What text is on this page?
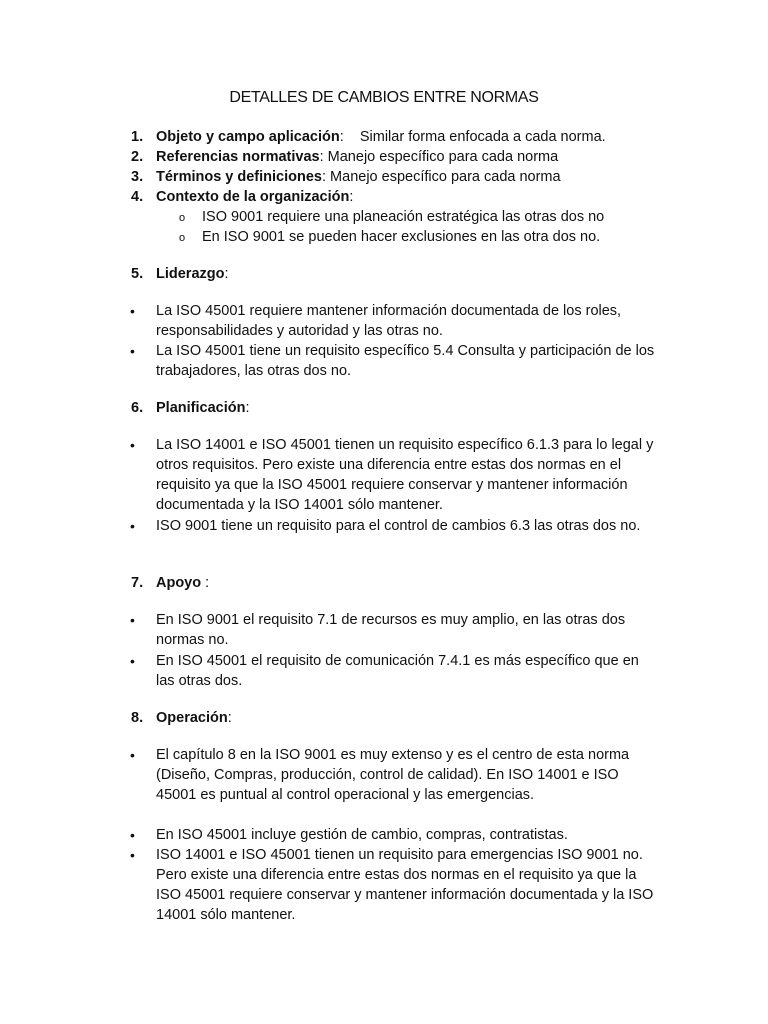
DETALLES DE CAMBIOS ENTRE NORMAS
1. Objeto y campo aplicación:    Similar forma enfocada a cada norma.
2. Referencias normativas: Manejo específico para cada norma
3. Términos y definiciones: Manejo específico para cada norma
4. Contexto de la organización:
o ISO 9001 requiere una planeación estratégica las otras dos no
o En ISO 9001 se pueden hacer exclusiones en las otra dos no.
5. Liderazgo:
• La ISO 45001 requiere mantener información documentada de los roles, responsabilidades y autoridad y las otras no.
• La ISO 45001 tiene un requisito específico 5.4 Consulta y participación de los trabajadores, las otras dos no.
6. Planificación:
• La ISO 14001 e ISO 45001 tienen un requisito específico 6.1.3 para lo legal y otros requisitos. Pero existe una diferencia entre estas dos normas en el requisito ya que la ISO 45001 requiere conservar y mantener información documentada y la ISO 14001 sólo mantener.
• ISO 9001 tiene un requisito para el control de cambios 6.3 las otras dos no.
7. Apoyo :
• En ISO 9001 el requisito 7.1 de recursos es muy amplio, en las otras dos normas no.
• En ISO 45001 el requisito de comunicación 7.4.1 es más específico que en las otras dos.
8. Operación:
• El capítulo 8 en la ISO 9001 es muy extenso y es el centro de esta norma (Diseño, Compras, producción, control de calidad). En ISO 14001 e ISO 45001 es puntual al control operacional y las emergencias.
• En ISO 45001 incluye gestión de cambio, compras, contratistas.
• ISO 14001 e ISO 45001 tienen un requisito para emergencias ISO 9001 no. Pero existe una diferencia entre estas dos normas en el requisito ya que la ISO 45001 requiere conservar y mantener información documentada y la ISO 14001 sólo mantener.
